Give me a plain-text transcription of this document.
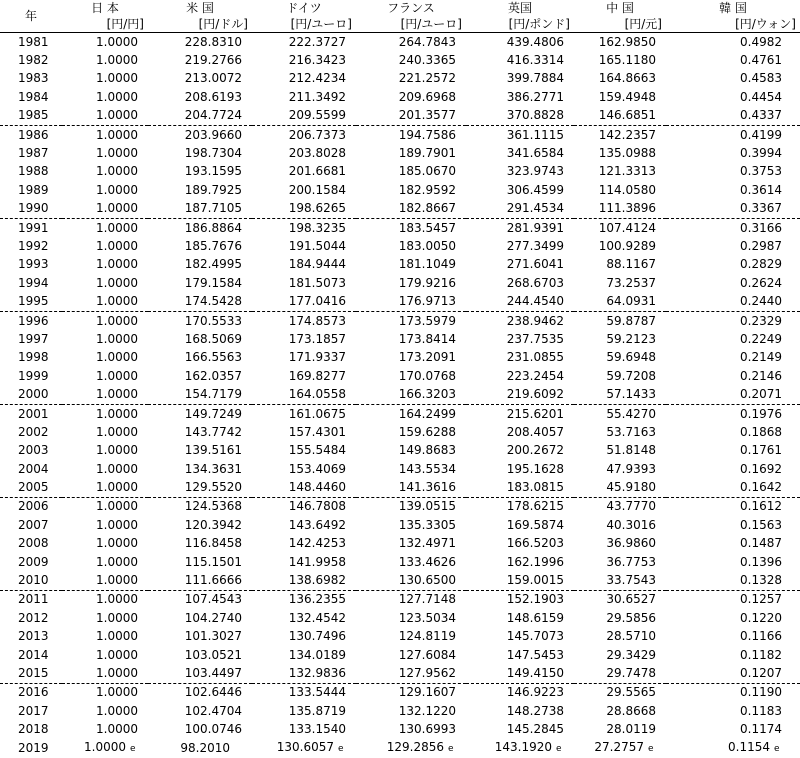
年	日 本	米 国	ドイツ	フランス	英国	中 国	韓 国
	[円/円]	[円/ドル]	[円/ユーロ]	[円/ユーロ]	[円/ポンド]	[円/元]	[円/ウォン]
1981	1.0000	228.8310	222.3727	264.7843	439.4806	162.9850	0.4982
1982	1.0000	219.2766	216.3423	240.3365	416.3314	165.1180	0.4761
1983	1.0000	213.0072	212.4234	221.2572	399.7884	164.8663	0.4583
1984	1.0000	208.6193	211.3492	209.6968	386.2771	159.4948	0.4454
1985	1.0000	204.7724	209.5599	201.3577	370.8828	146.6851	0.4337
1986	1.0000	203.9660	206.7373	194.7586	361.1115	142.2357	0.4199
1987	1.0000	198.7304	203.8028	189.7901	341.6584	135.0988	0.3994
1988	1.0000	193.1595	201.6681	185.0670	323.9743	121.3313	0.3753
1989	1.0000	189.7925	200.1584	182.9592	306.4599	114.0580	0.3614
1990	1.0000	187.7105	198.6265	182.8667	291.4534	111.3896	0.3367
1991	1.0000	186.8864	198.3235	183.5457	281.9391	107.4124	0.3166
1992	1.0000	185.7676	191.5044	183.0050	277.3499	100.9289	0.2987
1993	1.0000	182.4995	184.9444	181.1049	271.6041	88.1167	0.2829
1994	1.0000	179.1584	181.5073	179.9216	268.6703	73.2537	0.2624
1995	1.0000	174.5428	177.0416	176.9713	244.4540	64.0931	0.2440
1996	1.0000	170.5533	174.8573	173.5979	238.9462	59.8787	0.2329
1997	1.0000	168.5069	173.1857	173.8414	237.7535	59.2123	0.2249
1998	1.0000	166.5563	171.9337	173.2091	231.0855	59.6948	0.2149
1999	1.0000	162.0357	169.8277	170.0768	223.2454	59.7208	0.2146
2000	1.0000	154.7179	164.0558	166.3203	219.6092	57.1433	0.2071
2001	1.0000	149.7249	161.0675	164.2499	215.6201	55.4270	0.1976
2002	1.0000	143.7742	157.4301	159.6288	208.4057	53.7163	0.1868
2003	1.0000	139.5161	155.5484	149.8683	200.2672	51.8148	0.1761
2004	1.0000	134.3631	153.4069	143.5534	195.1628	47.9393	0.1692
2005	1.0000	129.5520	148.4460	141.3616	183.0815	45.9180	0.1642
2006	1.0000	124.5368	146.7808	139.0515	178.6215	43.7770	0.1612
2007	1.0000	120.3942	143.6492	135.3305	169.5874	40.3016	0.1563
2008	1.0000	116.8458	142.4253	132.4971	166.5203	36.9860	0.1487
2009	1.0000	115.1501	141.9958	133.4626	162.1996	36.7753	0.1396
2010	1.0000	111.6666	138.6982	130.6500	159.0015	33.7543	0.1328
2011	1.0000	107.4543	136.2355	127.7148	152.1903	30.6527	0.1257
2012	1.0000	104.2740	132.4542	123.5034	148.6159	29.5856	0.1220
2013	1.0000	101.3027	130.7496	124.8119	145.7073	28.5710	0.1166
2014	1.0000	103.0521	134.0189	127.6084	147.5453	29.3429	0.1182
2015	1.0000	103.4497	132.9836	127.9562	149.4150	29.7478	0.1207
2016	1.0000	102.6446	133.5444	129.1607	146.9223	29.5565	0.1190
2017	1.0000	102.4704	135.8719	132.1220	148.2738	28.8668	0.1183
2018	1.0000	100.0746	133.1540	130.6993	145.2845	28.0119	0.1174
2019	1.0000 e	98.2010	130.6057 e	129.2856 e	143.1920 e	27.2757 e	0.1154 e
